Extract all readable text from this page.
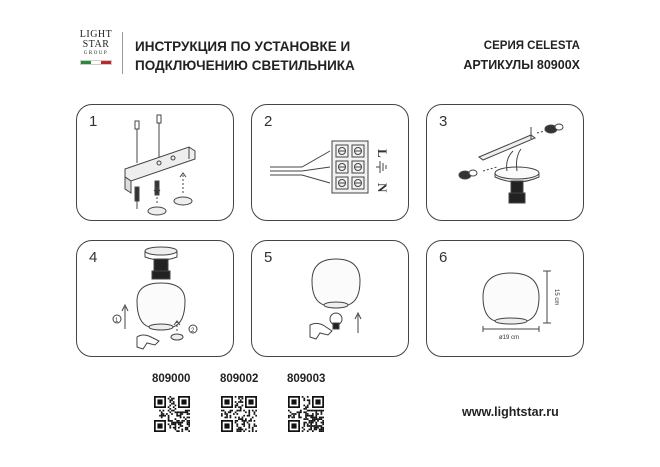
LIGHT
STAR
GROUP	ИНСТРУКЦИЯ ПО УСТАНОВКЕ И
ПОДКЛЮЧЕНИЮ СВЕТИЛЬНИКА
СЕРИЯ CELESTA
АРТИКУЛЫ 80900X
1	2
L
N
3
4
1
2
5	6
15 cm
ø19 cm
809000	809002 809003
www.lightstar.ru
